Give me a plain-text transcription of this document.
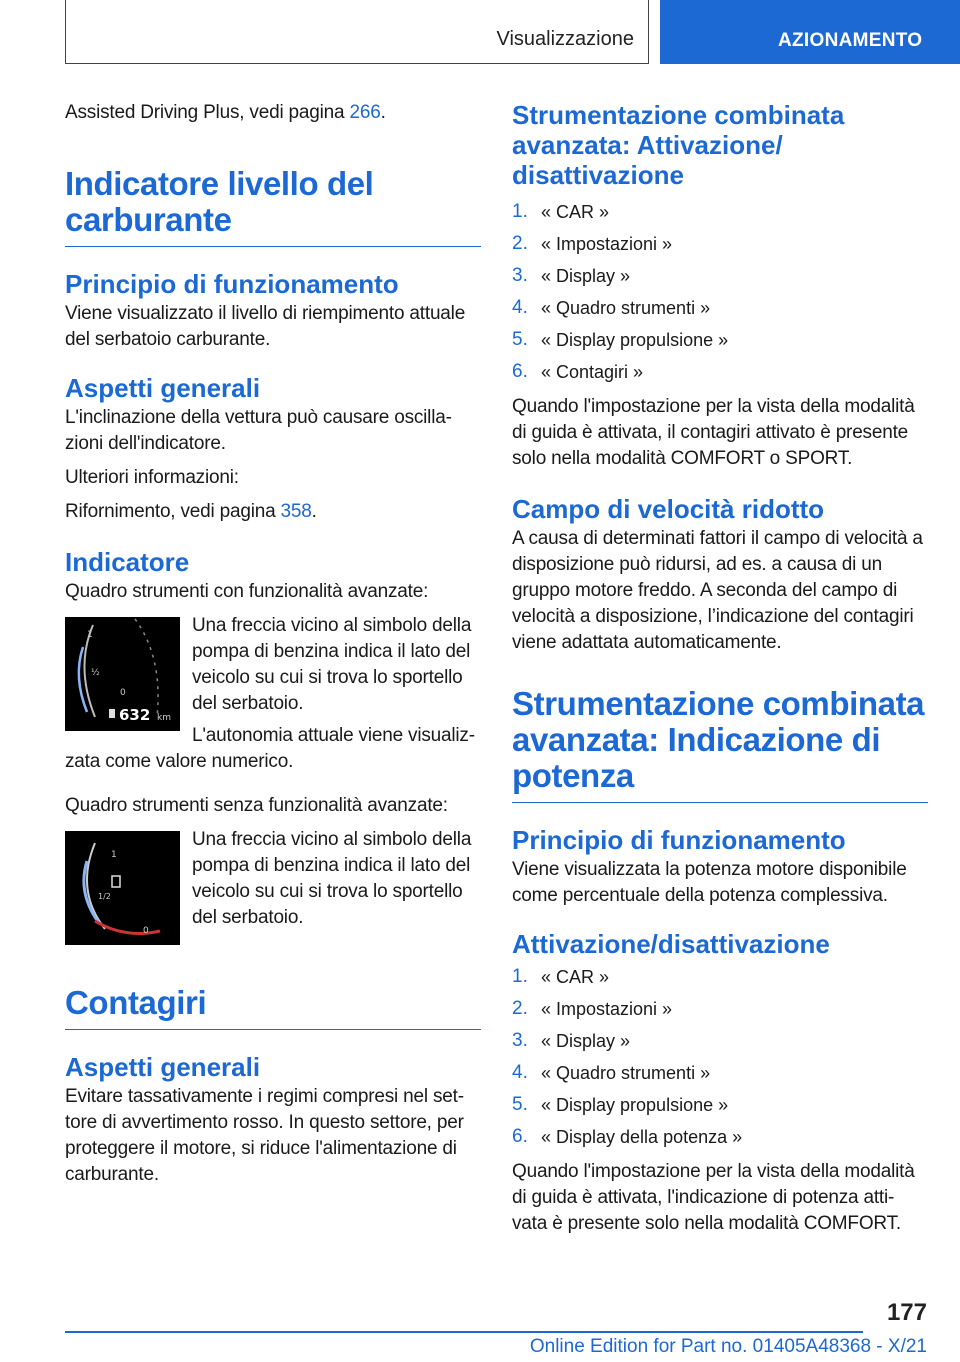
Visualizzazione	AZIONAMENTO

Assisted Driving Plus, vedi pagina 266.

Indicatore livello del carburante
Principio di funzionamento

Viene visualizzato il livello di riempimento attuale del serbatoio carburante.

Aspetti generali

L'inclinazione della vettura può causare oscilla-zioni dell'indicatore.

Ulteriori informazioni:

Rifornimento, vedi pagina 358.

Indicatore

Quadro strumenti con funzionalità avanzate:

1
½
0
632 km

Una freccia vicino al simbolo della pompa di benzina indica il lato del veicolo su cui si trova lo sportello del serbatoio.

L'autonomia attuale viene visualiz-zata come valore numerico.

Quadro strumenti senza funzionalità avanzate:

1
1/2
0

Una freccia vicino al simbolo della pompa di benzina indica il lato del veicolo su cui si trova lo sportello del serbatoio.

Contagiri
Aspetti generali

Evitare tassativamente i regimi compresi nel set-tore di avvertimento rosso. In questo settore, per proteggere il motore, si riduce l'alimentazione di carburante.

Strumentazione combinata avanzata: Attivazione/ disattivazione
1. « CAR »
2. « Impostazioni »
3. « Display »
4. « Quadro strumenti »
5. « Display propulsione »
6. « Contagiri »

Quando l'impostazione per la vista della modalità di guida è attivata, il contagiri attivato è presente solo nella modalità COMFORT o SPORT.

Campo di velocità ridotto

A causa di determinati fattori il campo di velocità a disposizione può ridursi, ad es. a causa di un gruppo motore freddo. A seconda del campo di velocità a disposizione, l’indicazione del contagiri viene adattata automaticamente.

Strumentazione combinata avanzata: Indicazione di potenza
Principio di funzionamento

Viene visualizzata la potenza motore disponibile come percentuale della potenza complessiva.

Attivazione/disattivazione
1. « CAR »
2. « Impostazioni »
3. « Display »
4. « Quadro strumenti »
5. « Display propulsione »
6. « Display della potenza »

Quando l'impostazione per la vista della modalità di guida è attivata, l'indicazione di potenza atti-vata è presente solo nella modalità COMFORT.

177
Online Edition for Part no. 01405A48368 - X/21
